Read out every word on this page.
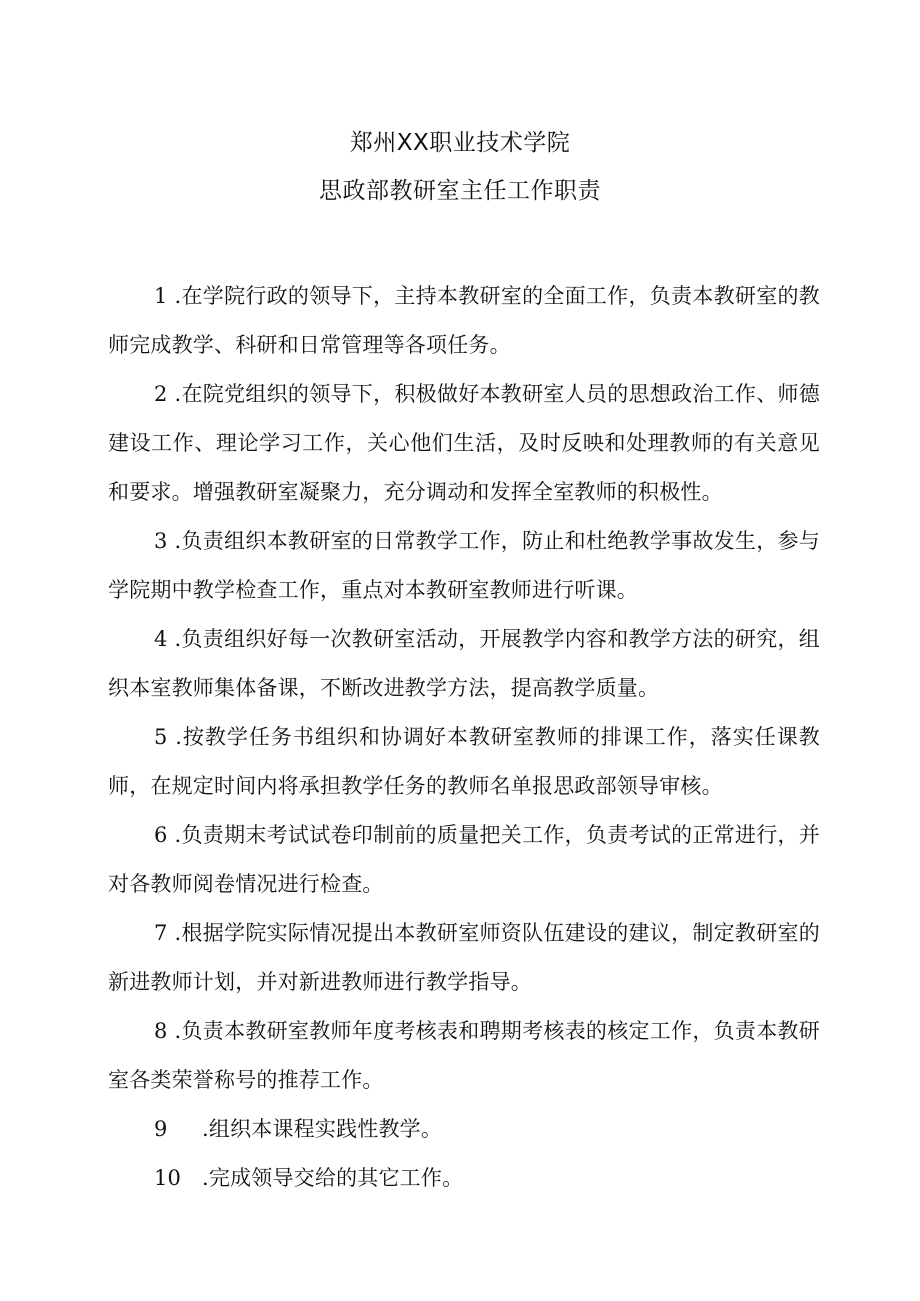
郑州XX职业技术学院
思政部教研室主任工作职责

1 .在学院行政的领导下，主持本教研室的全面工作，负责本教研室的教师完成教学、科研和日常管理等各项任务。

2 .在院党组织的领导下，积极做好本教研室人员的思想政治工作、师德建设工作、理论学习工作，关心他们生活，及时反映和处理教师的有关意见和要求。增强教研室凝聚力，充分调动和发挥全室教师的积极性。

3 .负责组织本教研室的日常教学工作，防止和杜绝教学事故发生，参与学院期中教学检查工作，重点对本教研室教师进行听课。

4 .负责组织好每一次教研室活动，开展教学内容和教学方法的研究，组织本室教师集体备课，不断改进教学方法，提高教学质量。

5 .按教学任务书组织和协调好本教研室教师的排课工作，落实任课教师，在规定时间内将承担教学任务的教师名单报思政部领导审核。

6 .负责期末考试试卷印制前的质量把关工作，负责考试的正常进行，并对各教师阅卷情况进行检查。

7 .根据学院实际情况提出本教研室师资队伍建设的建议，制定教研室的新进教师计划，并对新进教师进行教学指导。

8 .负责本教研室教师年度考核表和聘期考核表的核定工作，负责本教研室各类荣誉称号的推荐工作。

9 .组织本课程实践性教学。

10 .完成领导交给的其它工作。
